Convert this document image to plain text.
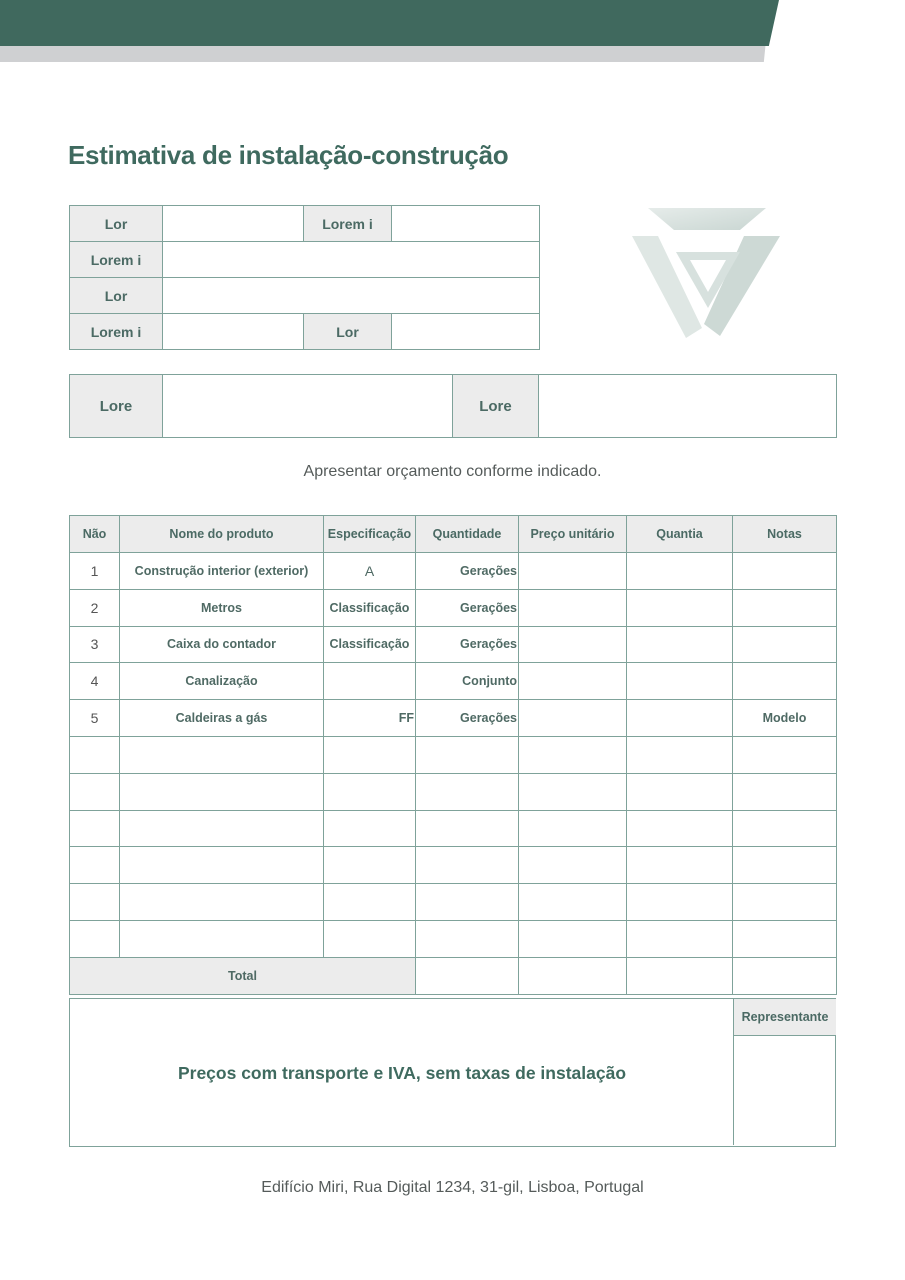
Estimativa de instalação-construção
Lor		Lorem i	
Lorem i			
Lor			
Lorem i		Lor	
Lore		Lore	

Apresentar orçamento conforme indicado.

Não	Nome do produto	Especificação	Quantidade	Preço unitário	Quantia	Notas
1	Construção interior (exterior)	A	Gerações			
2	Metros	Classificação	Gerações			
3	Caixa do contador	Classificação	Gerações			
4	Canalização		Conjunto			
5	Caldeiras a gás	FF	Gerações			Modelo

Total						
Preços com transporte e IVA, sem taxas de instalação
Representante

Edifício Miri, Rua Digital 1234, 31-gil, Lisboa, Portugal
